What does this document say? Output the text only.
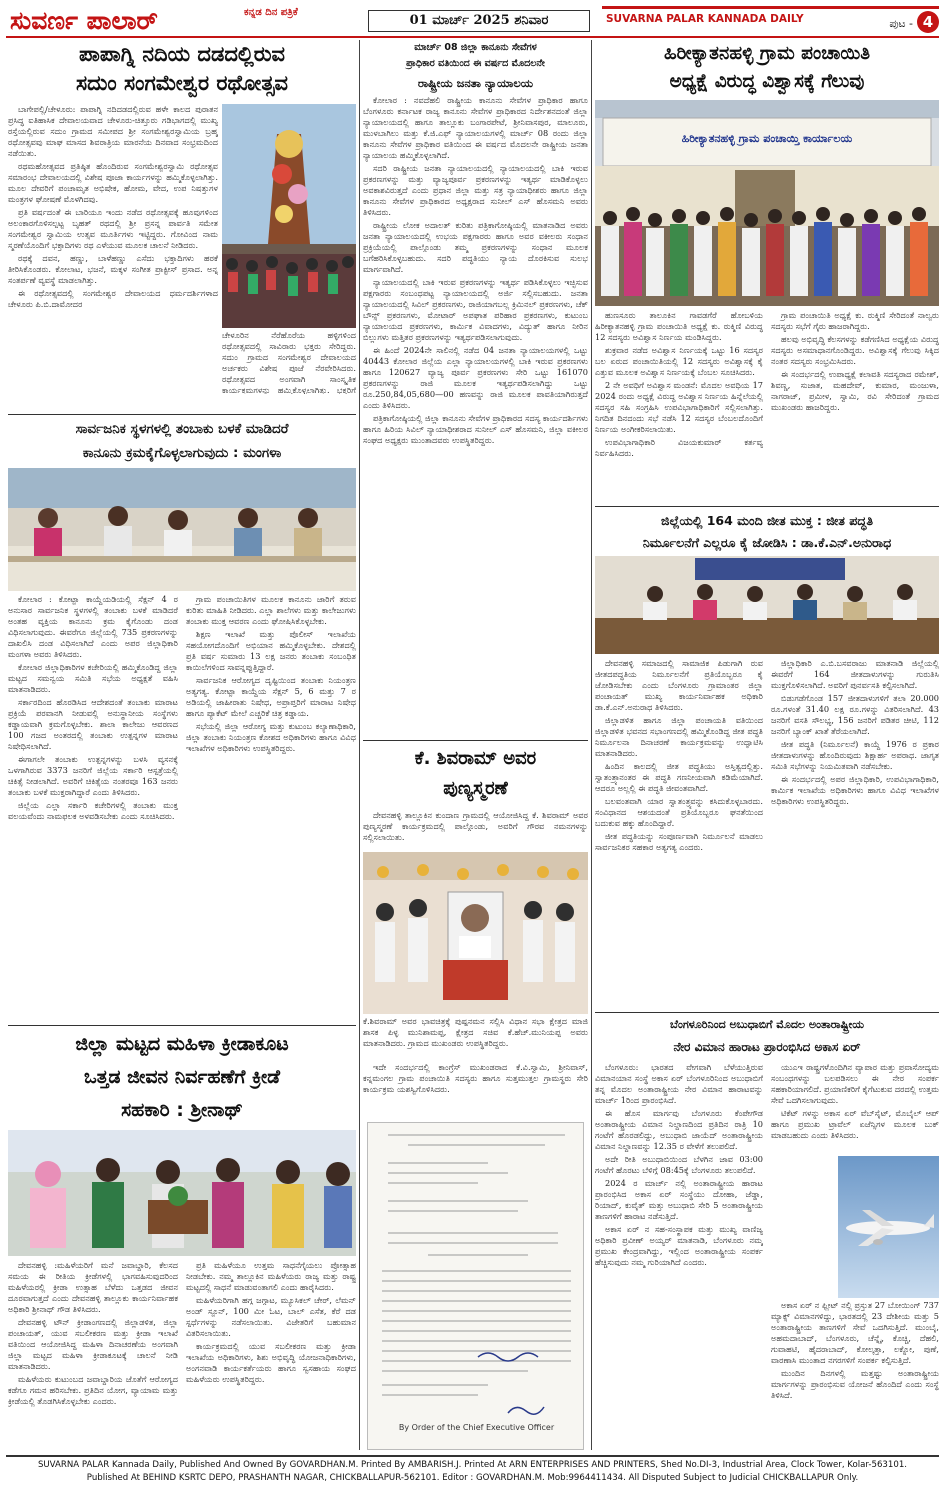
ಸುವರ್ಣ ಪಾಲಾರ್	ಕನ್ನಡ ದಿನ ಪತ್ರಿಕೆ
01 ಮಾರ್ಚ್ 2025 ಶನಿವಾರ	SUVARNA PALAR KANNADA DAILY	ಪುಟ - 4
ಪಾಪಾಗ್ನಿ ನದಿಯ ದಡದಲ್ಲಿರುವ
ಸದುಂ ಸಂಗಮೇಶ್ವರ ರಥೋತ್ಸವ

ಬಾಗೇಪಲ್ಲಿ/ಚೇಳೂರು: ಪಾಪಾಗ್ನಿ ನದಿದಡದಲ್ಲಿರುವ ಹಳೇ ಕಾಲದ ಪುರಾತನ ಪ್ರಸಿದ್ಧ ಐತಿಹಾಸಿಕ ದೇವಾಲಯವಾದ ಚೇಳೂರು-ಚಿತ್ತೂರು ಗಡಿಭಾಗದಲ್ಲಿ ಮುಖ್ಯ ರಸ್ತೆಯಲ್ಲಿರುವ ಸದುಂ ಗ್ರಾಮದ ಸಮೀಪದ ಶ್ರೀ ಸಂಗಮೇಶ್ವರಸ್ವಾಮಿಯ ಬ್ರಹ್ಮ ರಥೋತ್ಸವವು ಮಾಘ ಮಾಸದ ಶಿವರಾತ್ರಿಯ ಮಾರನೆಯ ದಿನವಾದ ಸಂಭ್ರಮದಿಂದ ನಡೆಯಿತು.

ರಥಮಹೋತ್ಸವದ ಪ್ರತಿಷ್ಠಿತ ಹೊಂದಿರುವ ಸಂಗಮೇಶ್ವರಸ್ವಾಮಿ ರಥೋತ್ಸವ ಸಮಾರಂಭ ದೇವಾಲಯದಲ್ಲಿ ವಿಶೇಷ ಪೂಜಾ ಕಾರ್ಯಗಳನ್ನು ಹಮ್ಮಿಕೊಳ್ಳಲಾಗಿತ್ತು. ಮೂಲ ದೇವರಿಗೆ ಪಂಚಾಮೃತ ಅಭಿಷೇಕ, ಹೋಮ, ವೇದ, ಉಪ ನಿಷತ್ತುಗಳ ಮಂತ್ರಗಳ ಘೋಷಣೆ ಮೊಳಗಿದವು.

ಪ್ರತಿ ವರ್ಷದಂತೆ ಈ ಬಾರಿಯೂ ಇಂದು ನಡೆದ ರಥೋತ್ಸವಕ್ಕೆ ಹೂವುಗಳಿಂದ ಅಲಂಕಾರಗೊಳಿಸಲ್ಪಟ್ಟ ಬೃಹತ್ ರಥದಲ್ಲಿ ಶ್ರೀ ಪ್ರಸನ್ನ ಪಾರ್ವತಿ ಸಮೇತ ಸಂಗಮೇಶ್ವರ ಸ್ವಾಮಿಯ ಉತ್ಸವ ಮೂರ್ತಿಗಳು ಇಟ್ಟಿದ್ದರು. ಗೋವಿಂದ ನಾಮ ಸ್ಮರಣೆಯೊಂದಿಗೆ ಭಕ್ತಾದಿಗಳು ರಥ ಎಳೆಯುವ ಮೂಲಕ ಚಾಲನೆ ನೀಡಿದರು.

ರಥಕ್ಕೆ ದವನ, ಹಣ್ಣು, ಬಾಳೆಹಣ್ಣು ಎಸೆದು ಭಕ್ತಾದಿಗಳು ಹರಕೆ ತೀರಿಸಿಕೊಂಡರು. ಕೋಲಾಟ, ಭಜನೆ, ಮಕ್ಕಳ ಸಂಗೀತ ಪ್ರಾಕ್ಟೀಸ್ ಪ್ರಸಾದ. ಅನ್ನ ಸಂತರ್ಪಣೆ ವ್ಯವಸ್ಥೆ ಮಾಡಲಾಗಿತ್ತು.

ಈ ರಥೋತ್ಸವದಲ್ಲಿ ಸಂಗಮೇಶ್ವರ ದೇವಾಲಯದ ಧರ್ಮದರ್ಶಿಗಳಾದ ಚೇಳೂರು ಪಿ.ಬಿ.ದಾಮೋದರ

ಚೇಳೂರಿನ ನೆರೆಹೊರೆಯ ಹಳ್ಳಿಗಳಿಂದ ರಥೋತ್ಸವದಲ್ಲಿ ಸಾವಿರಾರು ಭಕ್ತರು ಸೇರಿದ್ದರು. ಸದುಂ ಗ್ರಾಮದ ಸಂಗಮೇಶ್ವರ ದೇವಾಲಯದ ಅರ್ಚಕರು ವಿಶೇಷ ಪೂಜೆ ನೆರವೇರಿಸಿದರು. ರಥೋತ್ಸವದ ಅಂಗವಾಗಿ ಸಾಂಸ್ಕೃತಿಕ ಕಾರ್ಯಕ್ರಮಗಳನ್ನು ಹಮ್ಮಿಕೊಳ್ಳಲಾಗಿತ್ತು. ಭಕ್ತರಿಗೆ
ಸಾರ್ವಜನಿಕ ಸ್ಥಳಗಳಲ್ಲಿ ತಂಬಾಕು ಬಳಕೆ ಮಾಡಿದರೆ
ಕಾನೂನು ಕ್ರಮಕೈಗೊಳ್ಳಲಾಗುವುದು : ಮಂಗಳಾ

ಕೋಲಾರ : ಕೋಟ್ಪಾ ಕಾಯ್ದೆಯಡಿಯಲ್ಲಿ ಸೆಕ್ಷನ್ 4 ರ ಅನುಸಾರ ಸಾರ್ವಜನಿಕ ಸ್ಥಳಗಳಲ್ಲಿ ತಂಬಾಕು ಬಳಕೆ ಮಾಡಿದರೆ ಅಂತಹ ವ್ಯಕ್ತಿಯ ಕಾನೂನು ಕ್ರಮ ಕೈಗೊಂಡು ದಂಡ ವಿಧಿಸಲಾಗುವುದು. ಈವರೆಗೂ ಜಿಲ್ಲೆಯಲ್ಲಿ 735 ಪ್ರಕರಣಗಳನ್ನು ದಾಖಲಿಸಿ ದಂಡ ವಿಧಿಸಲಾಗಿದೆ ಎಂದು ಅಪರ ಜಿಲ್ಲಾಧಿಕಾರಿ ಮಂಗಳಾ ಅವರು ತಿಳಿಸಿದರು.

ಕೋಲಾರ ಜಿಲ್ಲಾಧಿಕಾರಿಗಳ ಕಚೇರಿಯಲ್ಲಿ ಹಮ್ಮಿಕೊಂಡಿದ್ದ ಜಿಲ್ಲಾ ಮಟ್ಟದ ಸಮನ್ವಯ ಸಮಿತಿ ಸಭೆಯ ಅಧ್ಯಕ್ಷತೆ ವಹಿಸಿ ಮಾತನಾಡಿದರು.

ಸರ್ಕಾರದಿಂದ ಹೊರಡಿಸಿದ ಆದೇಶದಂತೆ ತಂಬಾಕು ಮಾರಾಟ ಪ್ರಕ್ರಿಯೆ ಪರವಾನಗಿ ನೀಡುವಲ್ಲಿ ಅನುಸ್ಥಾನೀಯ ಸಂಸ್ಥೆಗಳು ಕಡ್ಡಾಯವಾಗಿ ಕ್ರಮಗೊಳ್ಳಬೇಕು. ಶಾಲಾ ಕಾಲೇಜು ಆವರಣದ 100 ಗಜದ ಅಂತರದಲ್ಲಿ ತಂಬಾಕು ಉತ್ಪನ್ನಗಳ ಮಾರಾಟ ನಿಷೇಧಿಸಲಾಗಿದೆ.

ಈಗಾಗಲೇ ತಂಬಾಕು ಉತ್ಪನ್ನಗಳನ್ನು ಬಳಸಿ ವ್ಯಸನಕ್ಕೆ ಒಳಗಾಗಿರುವ 3373 ಜನರಿಗೆ ಜಿಲ್ಲೆಯ ಸರ್ಕಾರಿ ಆಸ್ಪತ್ರೆಯಲ್ಲಿ ಚಿಕಿತ್ಸೆ ನೀಡಲಾಗಿದೆ. ಅವರಿಗೆ ಚಿಕಿತ್ಸೆಯ ನಂತರವೂ 163 ಜನರು ತಂಬಾಕು ಬಳಕೆ ಮುಕ್ತರಾಗಿದ್ದಾರೆ ಎಂದು ತಿಳಿಸಿದರು.

ಜಿಲ್ಲೆಯ ಎಲ್ಲಾ ಸರ್ಕಾರಿ ಕಚೇರಿಗಳಲ್ಲಿ ತಂಬಾಕು ಮುಕ್ತ ವಲಯವೆಂದು ನಾಮಫಲಕ ಅಳವಡಿಸಬೇಕು ಎಂದು ಸೂಚಿಸಿದರು.

ಗ್ರಾಮ ಪಂಚಾಯಿತಿಗಳ ಮೂಲಕ ಕಾನೂನು ಜಾರಿಗೆ ತರುವ ಕುರಿತು ಮಾಹಿತಿ ನೀಡಿದರು. ಎಲ್ಲಾ ಶಾಲೆಗಳು ಮತ್ತು ಕಾಲೇಜುಗಳು ತಂಬಾಕು ಮುಕ್ತ ಆವರಣ ಎಂದು ಘೋಷಿಸಿಕೊಳ್ಳಬೇಕು.

ಶಿಕ್ಷಣ ಇಲಾಖೆ ಮತ್ತು ಪೊಲೀಸ್ ಇಲಾಖೆಯ ಸಹಯೋಗದೊಂದಿಗೆ ಅಭಿಯಾನ ಹಮ್ಮಿಕೊಳ್ಳಬೇಕು. ದೇಶದಲ್ಲಿ ಪ್ರತಿ ವರ್ಷ ಸುಮಾರು 13 ಲಕ್ಷ ಜನರು ತಂಬಾಕು ಸಂಬಂಧಿತ ಕಾಯಿಲೆಗಳಿಂದ ಸಾವನ್ನಪ್ಪುತ್ತಿದ್ದಾರೆ.

ಸಾರ್ವಜನಿಕ ಆರೋಗ್ಯದ ದೃಷ್ಟಿಯಿಂದ ತಂಬಾಕು ನಿಯಂತ್ರಣ ಅತ್ಯಗತ್ಯ. ಕೋಟ್ಪಾ ಕಾಯ್ದೆಯ ಸೆಕ್ಷನ್ 5, 6 ಮತ್ತು 7 ರ ಅಡಿಯಲ್ಲಿ ಜಾಹೀರಾತು ನಿಷೇಧ, ಅಪ್ರಾಪ್ತರಿಗೆ ಮಾರಾಟ ನಿಷೇಧ ಹಾಗೂ ಪ್ಯಾಕೆಟ್ ಮೇಲೆ ಎಚ್ಚರಿಕೆ ಚಿತ್ರ ಕಡ್ಡಾಯ.

ಸಭೆಯಲ್ಲಿ ಜಿಲ್ಲಾ ಆರೋಗ್ಯ ಮತ್ತು ಕುಟುಂಬ ಕಲ್ಯಾಣಾಧಿಕಾರಿ, ಜಿಲ್ಲಾ ತಂಬಾಕು ನಿಯಂತ್ರಣ ಕೋಶದ ಅಧಿಕಾರಿಗಳು ಹಾಗೂ ವಿವಿಧ ಇಲಾಖೆಗಳ ಅಧಿಕಾರಿಗಳು ಉಪಸ್ಥಿತರಿದ್ದರು.

ಜಿಲ್ಲಾ ಮಟ್ಟದ ಮಹಿಳಾ ಕ್ರೀಡಾಕೂಟ
ಒತ್ತಡ ಜೀವನ ನಿರ್ವಹಣೆಗೆ ಕ್ರೀಡೆ
ಸಹಕಾರಿ : ಶ್ರೀನಾಥ್

ದೇವನಹಳ್ಳಿ :ಮಹಿಳೆಯರಿಗೆ ಮನೆ ಜವಾಬ್ದಾರಿ, ಕೆಲಸದ ಸಮಯ ಈ ರೀತಿಯ ಕ್ರೀಡೆಗಳಲ್ಲಿ ಭಾಗವಹಿಸುವುದರಿಂದ ಮಹಿಳೆಯರಲ್ಲಿ ಕ್ರೀಡಾ ಉತ್ಸಾಹ ಬೆಳೆದು ಒತ್ತಡದ ಜೀವನ ದೂರವಾಗುತ್ತದೆ ಎಂದು ದೇವನಹಳ್ಳಿ ತಾಲ್ಲೂಕು ಕಾರ್ಯನಿರ್ವಾಹಕ ಅಧಿಕಾರಿ ಶ್ರೀನಾಥ್ ಗೌಡ ತಿಳಿಸಿದರು.

ದೇವನಹಳ್ಳಿ ಟೌನ್ ಕ್ರೀಡಾಂಗಣದಲ್ಲಿ ಜಿಲ್ಲಾಡಳಿತ, ಜಿಲ್ಲಾ ಪಂಚಾಯತ್, ಯುವ ಸಬಲೀಕರಣ ಮತ್ತು ಕ್ರೀಡಾ ಇಲಾಖೆ ವತಿಯಿಂದ ಆಯೋಜಿಸಿದ್ದ ಮಹಿಳಾ ದಿನಾಚರಣೆಯ ಅಂಗವಾಗಿ ಜಿಲ್ಲಾ ಮಟ್ಟದ ಮಹಿಳಾ ಕ್ರೀಡಾಕೂಟಕ್ಕೆ ಚಾಲನೆ ನೀಡಿ ಮಾತನಾಡಿದರು.

ಮಹಿಳೆಯರು ಕುಟುಂಬದ ಜವಾಬ್ದಾರಿಯ ಜೊತೆಗೆ ಆರೋಗ್ಯದ ಕಡೆಗೂ ಗಮನ ಹರಿಸಬೇಕು. ಪ್ರತಿದಿನ ಯೋಗ, ವ್ಯಾಯಾಮ ಮತ್ತು ಕ್ರೀಡೆಯಲ್ಲಿ ತೊಡಗಿಸಿಕೊಳ್ಳಬೇಕು ಎಂದರು.

ಪ್ರತಿ ಮಹಿಳೆಯೂ ಉತ್ತಮ ಸಾಧನೆಗೈಯಲು ಪ್ರೋತ್ಸಾಹ ನೀಡಬೇಕು. ನಮ್ಮ ತಾಲ್ಲೂಕಿನ ಮಹಿಳೆಯರು ರಾಜ್ಯ ಮತ್ತು ರಾಷ್ಟ್ರ ಮಟ್ಟದಲ್ಲಿ ಸಾಧನೆ ಮಾಡುವಂತಾಗಲಿ ಎಂದು ಹಾರೈಸಿದರು.

ಮಹಿಳೆಯರಿಗಾಗಿ ಹಗ್ಗ ಜಗ್ಗಾಟ, ಮ್ಯೂಸಿಕಲ್ ಚೇರ್, ಲೆಮನ್ ಅಂಡ್ ಸ್ಪೂನ್, 100 ಮೀ ಓಟ, ಬಾಲ್ ಎಸೆತ, ಕೆರೆ ದಡ ಸ್ಪರ್ಧೆಗಳನ್ನು ನಡೆಸಲಾಯಿತು. ವಿಜೇತರಿಗೆ ಬಹುಮಾನ ವಿತರಿಸಲಾಯಿತು.

ಕಾರ್ಯಕ್ರಮದಲ್ಲಿ ಯುವ ಸಬಲೀಕರಣ ಮತ್ತು ಕ್ರೀಡಾ ಇಲಾಖೆಯ ಅಧಿಕಾರಿಗಳು, ಶಿಶು ಅಭಿವೃದ್ಧಿ ಯೋಜನಾಧಿಕಾರಿಗಳು, ಅಂಗನವಾಡಿ ಕಾರ್ಯಕರ್ತೆಯರು ಹಾಗೂ ಸ್ವಸಹಾಯ ಸಂಘದ ಮಹಿಳೆಯರು ಉಪಸ್ಥಿತರಿದ್ದರು.

ಮಾರ್ಚ್ 08 ಜಿಲ್ಲಾ ಕಾನೂನು ಸೇವೆಗಳ
ಪ್ರಾಧಿಕಾರ ವತಿಯಿಂದ ಈ ವರ್ಷದ ಮೊದಲನೇ
ರಾಷ್ಟ್ರೀಯ ಜನತಾ ನ್ಯಾಯಾಲಯ

ಕೋಲಾರ : ನವದೆಹಲಿ ರಾಷ್ಟ್ರೀಯ ಕಾನೂನು ಸೇವೆಗಳ ಪ್ರಾಧಿಕಾರ ಹಾಗೂ ಬೆಂಗಳೂರು ಕರ್ನಾಟಕ ರಾಜ್ಯ ಕಾನೂನು ಸೇವೆಗಳ ಪ್ರಾಧಿಕಾರದ ನಿರ್ದೇಶನದಂತೆ ಜಿಲ್ಲಾ ನ್ಯಾಯಾಲಯದಲ್ಲಿ ಹಾಗೂ ತಾಲ್ಲೂಕು ಬಂಗಾರಪೇಟೆ, ಶ್ರೀನಿವಾಸಪುರ, ಮಾಲೂರು, ಮುಳಬಾಗಿಲು ಮತ್ತು ಕೆ.ಜಿ.ಎಫ್ ನ್ಯಾಯಾಲಯಗಳಲ್ಲಿ ಮಾರ್ಚ್ 08 ರಂದು ಜಿಲ್ಲಾ ಕಾನೂನು ಸೇವೆಗಳ ಪ್ರಾಧಿಕಾರ ವತಿಯಿಂದ ಈ ವರ್ಷದ ಮೊದಲನೇ ರಾಷ್ಟ್ರೀಯ ಜನತಾ ನ್ಯಾಯಾಲಯ ಹಮ್ಮಿಕೊಳ್ಳಲಾಗಿದೆ.

ಸದರಿ ರಾಷ್ಟ್ರೀಯ ಜನತಾ ನ್ಯಾಯಾಲಯದಲ್ಲಿ ನ್ಯಾಯಾಲಯದಲ್ಲಿ ಬಾಕಿ ಇರುವ ಪ್ರಕರಣಗಳನ್ನು ಮತ್ತು ವ್ಯಾಜ್ಯಪೂರ್ವ ಪ್ರಕರಣಗಳನ್ನು ಇತ್ಯರ್ಥ ಮಾಡಿಕೊಳ್ಳಲು ಅವಕಾಶವಿರುತ್ತದೆ ಎಂದು ಪ್ರಧಾನ ಜಿಲ್ಲಾ ಮತ್ತು ಸತ್ರ ನ್ಯಾಯಾಧೀಶರು ಹಾಗೂ ಜಿಲ್ಲಾ ಕಾನೂನು ಸೇವೆಗಳ ಪ್ರಾಧಿಕಾರದ ಅಧ್ಯಕ್ಷರಾದ ಸುನೀಲ್ ಎಸ್ ಹೊಸಮನಿ ಅವರು ತಿಳಿಸಿದರು.

ರಾಷ್ಟ್ರೀಯ ಲೋಕ ಅದಾಲತ್ ಕುರಿತು ಪತ್ರಿಕಾಗೋಷ್ಠಿಯಲ್ಲಿ ಮಾತನಾಡಿದ ಅವರು ಜನತಾ ನ್ಯಾಯಾಲಯದಲ್ಲಿ ಉಭಯ ಪಕ್ಷಗಾರರು ಹಾಗೂ ಅವರ ವಕೀಲರು ಸಂಧಾನ ಪ್ರಕ್ರಿಯೆಯಲ್ಲಿ ಪಾಲ್ಗೊಂಡು ತಮ್ಮ ಪ್ರಕರಣಗಳನ್ನು ಸಂಧಾನ ಮೂಲಕ ಬಗೆಹರಿಸಿಕೊಳ್ಳಬಹುದು. ಸದರಿ ಪದ್ಧತಿಯು ನ್ಯಾಯ ದೊರಕಿಸುವ ಸುಲಭ ಮಾರ್ಗವಾಗಿದೆ.

ನ್ಯಾಯಾಲಯದಲ್ಲಿ ಬಾಕಿ ಇರುವ ಪ್ರಕರಣಗಳನ್ನು ಇತ್ಯರ್ಥ ಪಡಿಸಿಕೊಳ್ಳಲು ಇಚ್ಛಿಸುವ ಪಕ್ಷಗಾರರು ಸಂಬಂಧಪಟ್ಟ ನ್ಯಾಯಾಲಯದಲ್ಲಿ ಅರ್ಜಿ ಸಲ್ಲಿಸಬಹುದು. ಜನತಾ ನ್ಯಾಯಾಲಯದಲ್ಲಿ ಸಿವಿಲ್ ಪ್ರಕರಣಗಳು, ರಾಜಿಯಾಗಬಲ್ಲ ಕ್ರಿಮಿನಲ್ ಪ್ರಕರಣಗಳು, ಚೆಕ್ ಬೌನ್ಸ್ ಪ್ರಕರಣಗಳು, ಮೋಟಾರ್ ಅಪಘಾತ ಪರಿಹಾರ ಪ್ರಕರಣಗಳು, ಕುಟುಂಬ ನ್ಯಾಯಾಲಯದ ಪ್ರಕರಣಗಳು, ಕಾರ್ಮಿಕ ವಿವಾದಗಳು, ವಿದ್ಯುತ್ ಹಾಗೂ ನೀರಿನ ಬಿಲ್ಲುಗಳು ಮತ್ತಿತರ ಪ್ರಕರಣಗಳನ್ನು ಇತ್ಯರ್ಥಪಡಿಸಲಾಗುವುದು.

ಈ ಹಿಂದೆ 2024ನೇ ಸಾಲಿನಲ್ಲಿ ನಡೆದ 04 ಜನತಾ ನ್ಯಾಯಾಲಯಗಳಲ್ಲಿ ಒಟ್ಟು 40443 ಕೋಲಾರ ಜಿಲ್ಲೆಯ ಎಲ್ಲಾ ನ್ಯಾಯಾಲಯಗಳಲ್ಲಿ ಬಾಕಿ ಇರುವ ಪ್ರಕರಣಗಳು ಹಾಗೂ 120627 ವ್ಯಾಜ್ಯ ಪೂರ್ವ ಪ್ರಕರಣಗಳು ಸೇರಿ ಒಟ್ಟು 161070 ಪ್ರಕರಣಗಳನ್ನು ರಾಜಿ ಮೂಲಕ ಇತ್ಯರ್ಥಪಡಿಸಲಾಗಿದ್ದು ಒಟ್ಟು ರೂ.250,84,05,680—00 ಹಣವನ್ನು ರಾಜಿ ಮೂಲಕ ಪಾವತಿಯಾಗಿರುತ್ತದೆ ಎಂದು ತಿಳಿಸಿದರು.

ಪತ್ರಿಕಾಗೋಷ್ಠಿಯಲ್ಲಿ ಜಿಲ್ಲಾ ಕಾನೂನು ಸೇವೆಗಳ ಪ್ರಾಧಿಕಾರದ ಸದಸ್ಯ ಕಾರ್ಯದರ್ಶಿಗಳು ಹಾಗೂ ಹಿರಿಯ ಸಿವಿಲ್ ನ್ಯಾಯಾಧೀಶರಾದ ಸುನೀಲ್ ಎಸ್ ಹೊಸಮನಿ, ಜಿಲ್ಲಾ ವಕೀಲರ ಸಂಘದ ಅಧ್ಯಕ್ಷರು ಮುಂತಾದವರು ಉಪಸ್ಥಿತರಿದ್ದರು.

ಕೆ. ಶಿವರಾಮ್ ಅವರ
ಪುಣ್ಯಸ್ಮರಣೆ

ದೇವನಹಳ್ಳಿ ತಾಲ್ಲೂಕಿನ ಕುಂದಾಣ ಗ್ರಾಮದಲ್ಲಿ ಆಯೋಜಿಸಿದ್ದ ಕೆ. ಶಿವರಾಮ್ ಅವರ ಪುಣ್ಯಸ್ಮರಣೆ ಕಾರ್ಯಕ್ರಮದಲ್ಲಿ ಪಾಲ್ಗೊಂಡು, ಅವರಿಗೆ ಗೌರವ ನಮನಗಳನ್ನು ಸಲ್ಲಿಸಲಾಯಿತು.

ಕೆ.ಶಿವರಾಮ್ ಅವರ ಭಾವಚಿತ್ರಕ್ಕೆ ಪುಷ್ಪನಮನ ಸಲ್ಲಿಸಿ ವಿಧಾನ ಸಭಾ ಕ್ಷೇತ್ರದ ಮಾಜಿ ಶಾಸಕ ಪಿಳ್ಳ ಮುನಿಶಾಮಪ್ಪ, ಕ್ಷೇತ್ರದ ಸಚಿವ ಕೆ.ಹೆಚ್.ಮುನಿಯಪ್ಪ ಅವರು ಮಾತನಾಡಿದರು. ಗ್ರಾಮದ ಮುಖಂಡರು ಉಪಸ್ಥಿತರಿದ್ದರು.

ಇದೇ ಸಂದರ್ಭದಲ್ಲಿ ಕಾಂಗ್ರೆಸ್ ಮುಖಂಡರಾದ ಕೆ.ವಿ.ಸ್ವಾಮಿ, ಶ್ರೀನಿವಾಸ್, ಕನ್ನಮಂಗಲ ಗ್ರಾಮ ಪಂಚಾಯಿತಿ ಸದಸ್ಯರು ಹಾಗೂ ಸುತ್ತಮುತ್ತಲ ಗ್ರಾಮಸ್ಥರು ಸೇರಿ ಕಾರ್ಯಕ್ರಮ ಯಶಸ್ವಿಗೊಳಿಸಿದರು.

By Order of the Chief Executive Officer
ಹಿರೀಕ್ಯಾತನಹಳ್ಳಿ ಗ್ರಾಮ ಪಂಚಾಯಿತಿ
ಅಧ್ಯಕ್ಷೆ ವಿರುದ್ಧ ವಿಶ್ವಾಸಕ್ಕೆ ಗೆಲುವು
ಹಿರೀಕ್ಯಾತನಹಳ್ಳಿ ಗ್ರಾಮ ಪಂಚಾಯ್ತಿ ಕಾರ್ಯಾಲಯ

ಹುಣಸೂರು ತಾಲೂಕಿನ ಗಾವಡಗೆರೆ ಹೋಬಳಿಯ ಹಿರೀಕ್ಯಾತನಹಳ್ಳಿ ಗ್ರಾಮ ಪಂಚಾಯಿತಿ ಅಧ್ಯಕ್ಷೆ ಕು. ರುಕ್ಮಿಣಿ ವಿರುದ್ಧ 12 ಸದಸ್ಯರು ಅವಿಶ್ವಾಸ ನಿರ್ಣಯ ಮಂಡಿಸಿದ್ದರು.

ಶುಕ್ರವಾರ ನಡೆದ ಅವಿಶ್ವಾಸ ನಿರ್ಣಯಕ್ಕೆ ಒಟ್ಟು 16 ಸದಸ್ಯರ ಬಲ ಏರುದ ಪಂಚಾಯಿತಿಯಲ್ಲಿ 12 ಸದಸ್ಯರು ಅವಿಶ್ವಾಸಕ್ಕೆ ಕೈ ಎತ್ತುವ ಮೂಲಕ ಅವಿಶ್ವಾಸ ನಿರ್ಣಯಕ್ಕೆ ಬೆಂಬಲ ಸೂಚಿಸಿದರು.

2 ನೇ ಅವಧಿಗೆ ಅವಿಶ್ವಾಸ ಮಂಡನೆ: ಮೊದಲ ಅವಧಿಯ 17 2024 ರಂದು ಅಧ್ಯಕ್ಷೆ ವಿರುದ್ಧ ಅವಿಶ್ವಾಸ ನಿರ್ಣಯ ಹಿನ್ನೆಲೆಯಲ್ಲಿ ಸದಸ್ಯರ ಸಹಿ ಸಂಗ್ರಹಿಸಿ ಉಪವಿಭಾಗಾಧಿಕಾರಿಗೆ ಸಲ್ಲಿಸಲಾಗಿತ್ತು. ನಿಗದಿತ ದಿನದಂದು ಸಭೆ ನಡೆಸಿ 12 ಸದಸ್ಯರ ಬೆಂಬಲದೊಂದಿಗೆ ನಿರ್ಣಯ ಅಂಗೀಕರಿಸಲಾಯಿತು.

ಉಪವಿಭಾಗಾಧಿಕಾರಿ ವಿಜಯಕುಮಾರ್ ಕರ್ತವ್ಯ ನಿರ್ವಹಿಸಿದರು.

ಗ್ರಾಮ ಪಂಚಾಯಿತಿ ಅಧ್ಯಕ್ಷೆ ಕು. ರುಕ್ಮಿಣಿ ಸೇರಿದಂತೆ ನಾಲ್ವರು ಸದಸ್ಯರು ಸಭೆಗೆ ಗೈರು ಹಾಜರಾಗಿದ್ದರು.

ಹಲವು ಅಭಿವೃದ್ಧಿ ಕೆಲಸಗಳನ್ನು ಕಡೆಗಣಿಸಿದ ಅಧ್ಯಕ್ಷೆಯ ವಿರುದ್ಧ ಸದಸ್ಯರು ಅಸಮಾಧಾನಗೊಂಡಿದ್ದರು. ಅವಿಶ್ವಾಸಕ್ಕೆ ಗೆಲುವು ಸಿಕ್ಕಿದ ನಂತರ ಸದಸ್ಯರು ಸಂಭ್ರಮಿಸಿದರು.

ಈ ಸಂದರ್ಭದಲ್ಲಿ ಉಪಾಧ್ಯಕ್ಷೆ ಕಲಾವತಿ ಸದಸ್ಯರಾದ ರಮೇಶ್, ಶಿವಣ್ಣ, ಸುಜಾತ, ಮಹದೇವ್, ಕುಮಾರ, ಮಂಜುಳಾ, ನಾಗರಾಜ್, ಪ್ರಮೀಳ, ಸ್ವಾಮಿ, ರವಿ ಸೇರಿದಂತೆ ಗ್ರಾಮದ ಮುಖಂಡರು ಹಾಜರಿದ್ದರು.

ಜಿಲ್ಲೆಯಲ್ಲಿ 164 ಮಂದಿ ಜೀತ ಮುಕ್ತ : ಜೀತ ಪದ್ಧತಿ
ನಿರ್ಮೂಲನೆಗೆ ಎಲ್ಲರೂ ಕೈ ಜೋಡಿಸಿ : ಡಾ.ಕೆ.ಎನ್.ಅನುರಾಧ

ದೇವನಹಳ್ಳಿ ಸಮಾಜದಲ್ಲಿ ಸಾಮಾಜಿಕ ಪಿಡುಗಾಗಿ ರುವ ಜೀತದಪದ್ಧತಿಯ ನಿರ್ಮೂಲನೆಗೆ ಪ್ರತಿಯೊಬ್ಬರೂ ಕೈ ಜೋಡಿಸಬೇಕು ಎಂದು ಬೆಂಗಳೂರು ಗ್ರಾಮಾಂತರ ಜಿಲ್ಲಾ ಪಂಚಾಯತ್ ಮುಖ್ಯ ಕಾರ್ಯನಿರ್ವಾಹಕ ಅಧಿಕಾರಿ ಡಾ.ಕೆ.ಎನ್.ಅನುರಾಧ ತಿಳಿಸಿದರು.

ಜಿಲ್ಲಾಡಳಿತ ಹಾಗೂ ಜಿಲ್ಲಾ ಪಂಚಾಯತಿ ವತಿಯಿಂದ ಜಿಲ್ಲಾಡಳಿತ ಭವನದ ಸಭಾಂಗಣದಲ್ಲಿ ಹಮ್ಮಿಕೊಂಡಿದ್ದ ಜೀತ ಪದ್ಧತಿ ನಿರ್ಮೂಲನಾ ದಿನಾಚರಣೆ ಕಾರ್ಯಕ್ರಮವನ್ನು ಉದ್ಘಾಟಿಸಿ ಮಾತನಾಡಿದರು.

ಹಿಂದಿನ ಕಾಲದಲ್ಲಿ ಜೀತ ಪದ್ಧತಿಯು ಅಸ್ತಿತ್ವದಲ್ಲಿತ್ತು. ಸ್ವಾತಂತ್ರ್ಯಾನಂತರ ಈ ಪದ್ಧತಿ ಗಣನೀಯವಾಗಿ ಕಡಿಮೆಯಾಗಿದೆ. ಆದರೂ ಅಲ್ಲಲ್ಲಿ ಈ ಪದ್ಧತಿ ಜೀವಂತವಾಗಿದೆ.

ಬಲವಂತವಾಗಿ ಯಾರ ಸ್ವಾತಂತ್ರ್ಯವನ್ನು ಕಸಿದುಕೊಳ್ಳಬಾರದು. ಸಂವಿಧಾನದ ಆಶಯದಂತೆ ಪ್ರತಿಯೊಬ್ಬರೂ ಘನತೆಯಿಂದ ಬದುಕುವ ಹಕ್ಕು ಹೊಂದಿದ್ದಾರೆ.

ಜೀತ ಪದ್ಧತಿಯನ್ನು ಸಂಪೂರ್ಣವಾಗಿ ನಿರ್ಮೂಲನೆ ಮಾಡಲು ಸಾರ್ವಜನಿಕರ ಸಹಕಾರ ಅತ್ಯಗತ್ಯ ಎಂದರು.

ಜಿಲ್ಲಾಧಿಕಾರಿ ಎ.ಬಿ.ಬಸವರಾಜು ಮಾತನಾಡಿ ಜಿಲ್ಲೆಯಲ್ಲಿ ಈವರೆಗೆ 164 ಜೀತದಾಳುಗಳನ್ನು ಗುರುತಿಸಿ ಮುಕ್ತಗೊಳಿಸಲಾಗಿದೆ. ಅವರಿಗೆ ಪುನರ್ವಸತಿ ಕಲ್ಪಿಸಲಾಗಿದೆ.

ಬಿಡುಗಡೆಗೊಂಡ 157 ಜೀತದಾಳುಗಳಿಗೆ ತಲಾ 20.000 ರೂ.ಗಳಂತೆ 31.40 ಲಕ್ಷ ರೂ.ಗಳನ್ನು ವಿತರಿಸಲಾಗಿದೆ. 43 ಜನರಿಗೆ ವಸತಿ ಸೌಲಭ್ಯ, 156 ಜನರಿಗೆ ಪಡಿತರ ಚೀಟಿ, 112 ಜನರಿಗೆ ಬ್ಯಾಂಕ್ ಖಾತೆ ತೆರೆಯಲಾಗಿದೆ.

ಜೀತ ಪದ್ಧತಿ (ನಿರ್ಮೂಲನೆ) ಕಾಯ್ದೆ 1976 ರ ಪ್ರಕಾರ ಜೀತದಾಳುಗಳನ್ನು ಹೊಂದಿರುವುದು ಶಿಕ್ಷಾರ್ಹ ಅಪರಾಧ. ಜಾಗೃತ ಸಮಿತಿ ಸಭೆಗಳನ್ನು ನಿಯಮಿತವಾಗಿ ನಡೆಸಬೇಕು.

ಈ ಸಂದರ್ಭದಲ್ಲಿ ಅಪರ ಜಿಲ್ಲಾಧಿಕಾರಿ, ಉಪವಿಭಾಗಾಧಿಕಾರಿ, ಕಾರ್ಮಿಕ ಇಲಾಖೆಯ ಅಧಿಕಾರಿಗಳು ಹಾಗೂ ವಿವಿಧ ಇಲಾಖೆಗಳ ಅಧಿಕಾರಿಗಳು ಉಪಸ್ಥಿತರಿದ್ದರು.

ಬೆಂಗಳೂರಿನಿಂದ ಅಬುಧಾಬಿಗೆ ಮೊದಲ ಅಂತಾರಾಷ್ಟ್ರೀಯ
ನೇರ ವಿಮಾನ ಹಾರಾಟ ಪ್ರಾರಂಭಿಸಿದ ಅಕಾಸ ಏರ್

ಬೆಂಗಳೂರು: ಭಾರತದ ವೇಗವಾಗಿ ಬೆಳೆಯುತ್ತಿರುವ ವಿಮಾನಯಾನ ಸಂಸ್ಥೆ ಅಕಾಸ ಏರ್ ಬೆಂಗಳೂರಿನಿಂದ ಅಬುಧಾಬಿಗೆ ತನ್ನ ಮೊದಲ ಅಂತಾರಾಷ್ಟ್ರೀಯ ನೇರ ವಿಮಾನ ಹಾರಾಟವನ್ನು ಮಾರ್ಚ್ 1ರಿಂದ ಪ್ರಾರಂಭಿಸಿದೆ.

ಈ ಹೊಸ ಮಾರ್ಗವು ಬೆಂಗಳೂರು ಕೆಂಪೇಗೌಡ ಅಂತಾರಾಷ್ಟ್ರೀಯ ವಿಮಾನ ನಿಲ್ದಾಣದಿಂದ ಪ್ರತಿದಿನ ರಾತ್ರಿ 10 ಗಂಟೆಗೆ ಹೊರಡಲಿದ್ದು, ಅಬುಧಾಬಿ ಜಾಯೆದ್ ಅಂತಾರಾಷ್ಟ್ರೀಯ ವಿಮಾನ ನಿಲ್ದಾಣವನ್ನು 12.35 ರ ವೇಳೆಗೆ ತಲುಪಲಿದೆ.

ಅದೇ ರೀತಿ ಅಬುಧಾಬಿಯಿಂದ ಬೆಳಗಿನ ಜಾವ 03:00 ಗಂಟೆಗೆ ಹೊರಟು ಬೆಳಿಗ್ಗೆ 08:45ಕ್ಕೆ ಬೆಂಗಳೂರು ತಲುಪಲಿದೆ.

2024 ರ ಮಾರ್ಚ್ ನಲ್ಲಿ ಅಂತಾರಾಷ್ಟ್ರೀಯ ಹಾರಾಟ ಪ್ರಾರಂಭಿಸಿದ ಅಕಾಸ ಏರ್ ಸಂಸ್ಥೆಯು ದೋಹಾ, ಜೆಡ್ಡಾ, ರಿಯಾದ್, ಕುವೈತ್ ಮತ್ತು ಅಬುಧಾಬಿ ಸೇರಿ 5 ಅಂತಾರಾಷ್ಟ್ರೀಯ ತಾಣಗಳಿಗೆ ಹಾರಾಟ ನಡೆಸುತ್ತಿದೆ.

ಅಕಾಸ ಏರ್ ನ ಸಹ-ಸಂಸ್ಥಾಪಕ ಮತ್ತು ಮುಖ್ಯ ವಾಣಿಜ್ಯ ಅಧಿಕಾರಿ ಪ್ರವೀಣ್ ಅಯ್ಯರ್ ಮಾತನಾಡಿ, ಬೆಂಗಳೂರು ನಮ್ಮ ಪ್ರಮುಖ ಕೇಂದ್ರವಾಗಿದ್ದು, ಇಲ್ಲಿಂದ ಅಂತಾರಾಷ್ಟ್ರೀಯ ಸಂಪರ್ಕ ಹೆಚ್ಚಿಸುವುದು ನಮ್ಮ ಗುರಿಯಾಗಿದೆ ಎಂದರು.

ಯುಎಇ ರಾಷ್ಟ್ರಗಳೊಂದಿಗಿನ ವ್ಯಾಪಾರ ಮತ್ತು ಪ್ರವಾಸೋದ್ಯಮ ಸಂಬಂಧಗಳನ್ನು ಬಲಪಡಿಸಲು ಈ ನೇರ ಸಂಪರ್ಕ ಸಹಕಾರಿಯಾಗಲಿದೆ. ಪ್ರಯಾಣಿಕರಿಗೆ ಕೈಗೆಟುಕುವ ದರದಲ್ಲಿ ಉತ್ತಮ ಸೇವೆ ಒದಗಿಸಲಾಗುವುದು.

ಟಿಕೆಟ್ ಗಳನ್ನು ಅಕಾಸ ಏರ್ ವೆಬ್‌ಸೈಟ್, ಮೊಬೈಲ್ ಆಪ್ ಹಾಗೂ ಪ್ರಮುಖ ಟ್ರಾವೆಲ್ ಏಜೆನ್ಸಿಗಳ ಮೂಲಕ ಬುಕ್ ಮಾಡಬಹುದು ಎಂದು ತಿಳಿಸಿದರು.

ಅಕಾಸ ಏರ್ ನ ಫ್ಲೀಟ್ ನಲ್ಲಿ ಪ್ರಸ್ತುತ 27 ಬೋಯಿಂಗ್ 737 ಮ್ಯಾಕ್ಸ್ ವಿಮಾನಗಳಿದ್ದು, ಭಾರತದಲ್ಲಿ 23 ದೇಶೀಯ ಮತ್ತು 5 ಅಂತಾರಾಷ್ಟ್ರೀಯ ತಾಣಗಳಿಗೆ ಸೇವೆ ಒದಗಿಸುತ್ತಿದೆ. ಮುಂಬೈ, ಅಹಮದಾಬಾದ್, ಬೆಂಗಳೂರು, ಚೆನ್ನೈ, ಕೊಚ್ಚಿ, ದೆಹಲಿ, ಗುವಾಹಟಿ, ಹೈದರಾಬಾದ್, ಕೋಲ್ಕತ್ತಾ, ಲಕ್ನೋ, ಪುಣೆ, ವಾರಣಾಸಿ ಮುಂತಾದ ನಗರಗಳಿಗೆ ಸಂಪರ್ಕ ಕಲ್ಪಿಸುತ್ತಿದೆ.

ಮುಂದಿನ ದಿನಗಳಲ್ಲಿ ಮತ್ತಷ್ಟು ಅಂತಾರಾಷ್ಟ್ರೀಯ ಮಾರ್ಗಗಳನ್ನು ಪ್ರಾರಂಭಿಸುವ ಯೋಜನೆ ಹೊಂದಿದೆ ಎಂದು ಸಂಸ್ಥೆ ತಿಳಿಸಿದೆ.

SUVARNA PALAR Kannada Daily, Published And Owned By GOVARDHAN.M. Printed By AMBARISH.J. Printed At ARN ENTERPRISES AND PRINTERS, Shed No.DI-3, Industrial Area, Clock Tower, Kolar-563101.
Published At BEHIND KSRTC DEPO, PRASHANTH NAGAR, CHICKBALLAPUR-562101. Editor : GOVARDHAN.M. Mob:9964411434. All Disputed Subject to Judicial CHICKBALLAPUR Only.
